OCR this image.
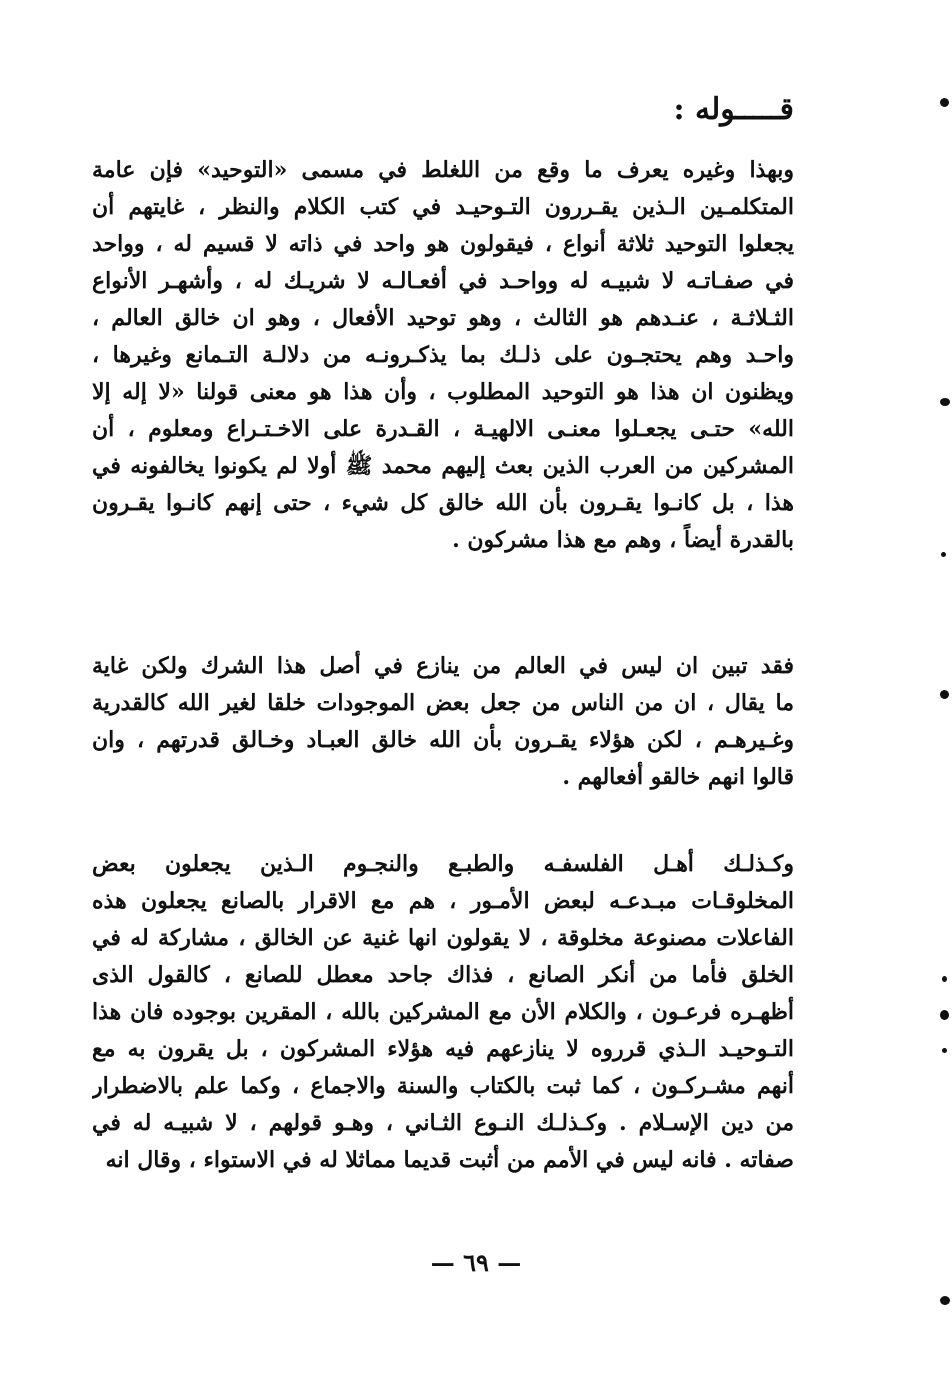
قـــــوله :
وبهذا وغيره يعرف ما وقع من اللغلط في مسمى «التوحيد» فإن عامة
المتكلمـين الـذين يقـررون التـوحيـد في كتب الكلام والنظر ، غايتهم أن
يجعلوا التوحيد ثلاثة أنواع ، فيقولون هو واحد في ذاته لا قسيم له ، وواحد
في صفـاتـه لا شبيـه له وواحـد في أفعـالـه لا شريـك له ، وأشهـر الأنواع
الثـلاثـة ، عنـدهم هو الثالث ، وهو توحيد الأفعال ، وهو ان خالق العالم ،
واحـد وهم يحتجـون على ذلـك بما يذكـرونـه من دلالـة التـمانع وغيرها ،
ويظنون ان هذا هو التوحيد المطلوب ، وأن هذا هو معنى قولنا «لا إله إلا
الله» حتـى يجعـلوا معنـى الالهيـة ، القـدرة على الاخـتـراع ومعلوم ، أن
المشركين من العرب الذين بعث إليهم محمد ﷺ أولا لم يكونوا يخالفونه في
هذا ، بل كانـوا يقـرون بأن الله خالق كل شيء ، حتى إنهم كانـوا يقـرون
بالقدرة أيضاً ، وهم مع هذا مشركون .
فقد تبين ان ليس في العالم من ينازع في أصل هذا الشرك ولكن غاية
ما يقال ، ان من الناس من جعل بعض الموجودات خلقا لغير الله كالقدرية
وغـيرهـم ، لكن هؤلاء يقـرون بأن الله خالق العبـاد وخـالق قدرتهم ، وان
قالوا انهم خالقو أفعالهم .
وكـذلـك أهـل الفلسفـه والطبـع والنجـوم الـذين يجعلون بعض
المخلوقـات مبـدعـه لبعض الأمـور ، هم مع الاقرار بالصانع يجعلون هذه
الفاعلات مصنوعة مخلوقة ، لا يقولون انها غنية عن الخالق ، مشاركة له في
الخلق فأما من أنكر الصانع ، فذاك جاحد معطل للصانع ، كالقول الذى
أظهـره فرعـون ، والكلام الأن مع المشركين بالله ، المقرين بوجوده فان هذا
التـوحيـد الـذي قرروه لا ينازعهم فيه هؤلاء المشركون ، بل يقرون به مع
أنهم مشـركـون ، كما ثبت بالكتاب والسنة والاجماع ، وكما علم بالاضطرار
من دين الإسـلام . وكـذلـك النـوع الثـاني ، وهـو قولهم ، لا شبيـه له في
صفاته . فانه ليس في الأمم من أثبت قديما مماثلا له في الاستواء ، وقال انه
— ٦٩ —
